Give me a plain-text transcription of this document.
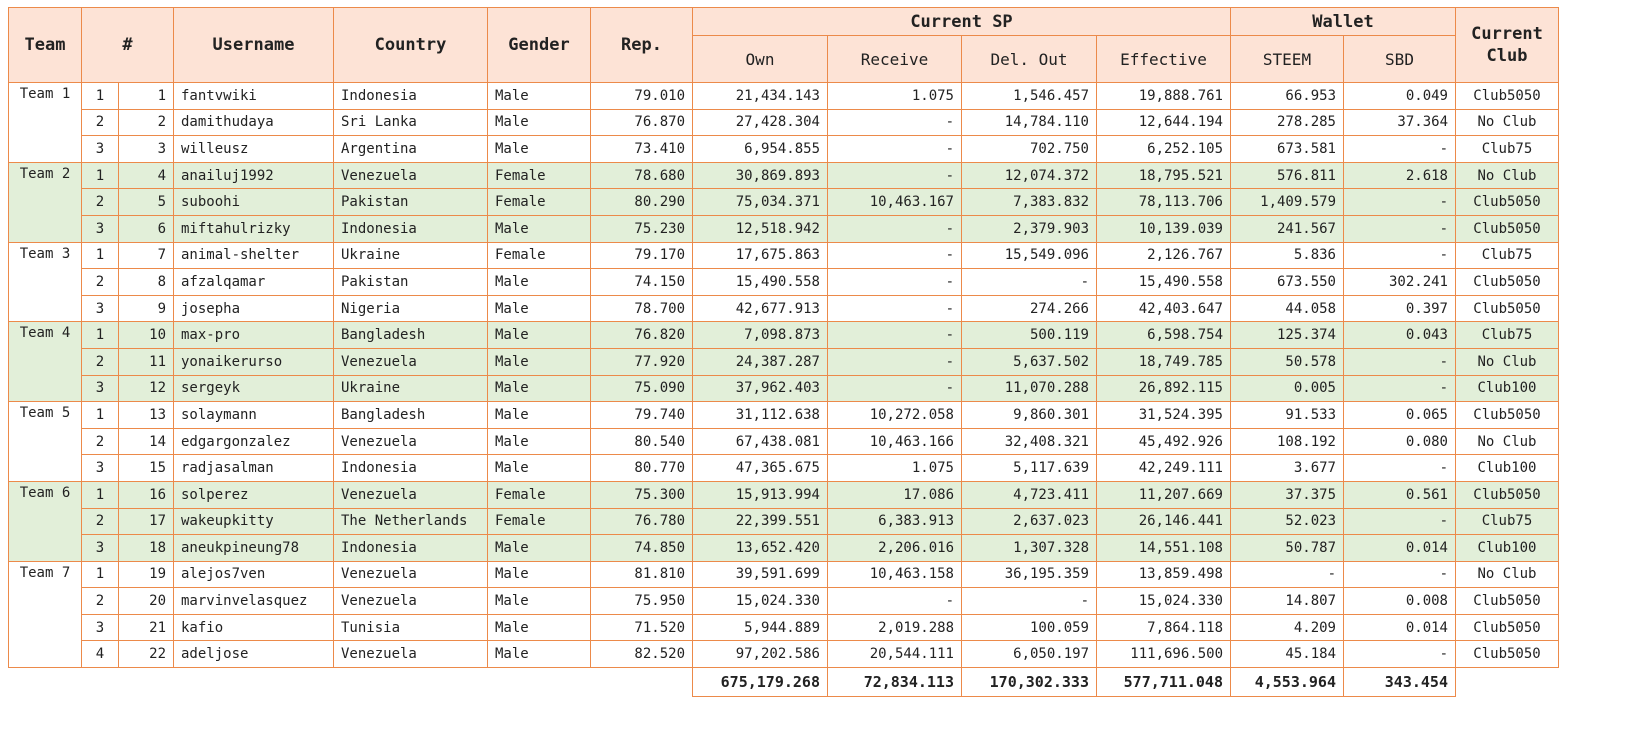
Team	#		Username	Country	Gender	Rep.	Current SP				Wallet		Current Club
							Own	Receive	Del. Out	Effective	STEEM	SBD	
Team 1	1	1	fantvwiki	Indonesia	Male	79.010	21,434.143	1.075	1,546.457	19,888.761	66.953	0.049	Club5050
	2	2	damithudaya	Sri Lanka	Male	76.870	27,428.304	-	14,784.110	12,644.194	278.285	37.364	No Club
	3	3	willeusz	Argentina	Male	73.410	6,954.855	-	702.750	6,252.105	673.581	-	Club75
Team 2	1	4	anailuj1992	Venezuela	Female	78.680	30,869.893	-	12,074.372	18,795.521	576.811	2.618	No Club
	2	5	suboohi	Pakistan	Female	80.290	75,034.371	10,463.167	7,383.832	78,113.706	1,409.579	-	Club5050
	3	6	miftahulrizky	Indonesia	Male	75.230	12,518.942	-	2,379.903	10,139.039	241.567	-	Club5050
Team 3	1	7	animal-shelter	Ukraine	Female	79.170	17,675.863	-	15,549.096	2,126.767	5.836	-	Club75
	2	8	afzalqamar	Pakistan	Male	74.150	15,490.558	-	-	15,490.558	673.550	302.241	Club5050
	3	9	josepha	Nigeria	Male	78.700	42,677.913	-	274.266	42,403.647	44.058	0.397	Club5050
Team 4	1	10	max-pro	Bangladesh	Male	76.820	7,098.873	-	500.119	6,598.754	125.374	0.043	Club75
	2	11	yonaikerurso	Venezuela	Male	77.920	24,387.287	-	5,637.502	18,749.785	50.578	-	No Club
	3	12	sergeyk	Ukraine	Male	75.090	37,962.403	-	11,070.288	26,892.115	0.005	-	Club100
Team 5	1	13	solaymann	Bangladesh	Male	79.740	31,112.638	10,272.058	9,860.301	31,524.395	91.533	0.065	Club5050
	2	14	edgargonzalez	Venezuela	Male	80.540	67,438.081	10,463.166	32,408.321	45,492.926	108.192	0.080	No Club
	3	15	radjasalman	Indonesia	Male	80.770	47,365.675	1.075	5,117.639	42,249.111	3.677	-	Club100
Team 6	1	16	solperez	Venezuela	Female	75.300	15,913.994	17.086	4,723.411	11,207.669	37.375	0.561	Club5050
	2	17	wakeupkitty	The Netherlands	Female	76.780	22,399.551	6,383.913	2,637.023	26,146.441	52.023	-	Club75
	3	18	aneukpineung78	Indonesia	Male	74.850	13,652.420	2,206.016	1,307.328	14,551.108	50.787	0.014	Club100
Team 7	1	19	alejos7ven	Venezuela	Male	81.810	39,591.699	10,463.158	36,195.359	13,859.498	-	-	No Club
	2	20	marvinvelasquez	Venezuela	Male	75.950	15,024.330	-	-	15,024.330	14.807	0.008	Club5050
	3	21	kafio	Tunisia	Male	71.520	5,944.889	2,019.288	100.059	7,864.118	4.209	0.014	Club5050
	4	22	adeljose	Venezuela	Male	82.520	97,202.586	20,544.111	6,050.197	111,696.500	45.184	-	Club5050
							675,179.268	72,834.113	170,302.333	577,711.048	4,553.964	343.454	
